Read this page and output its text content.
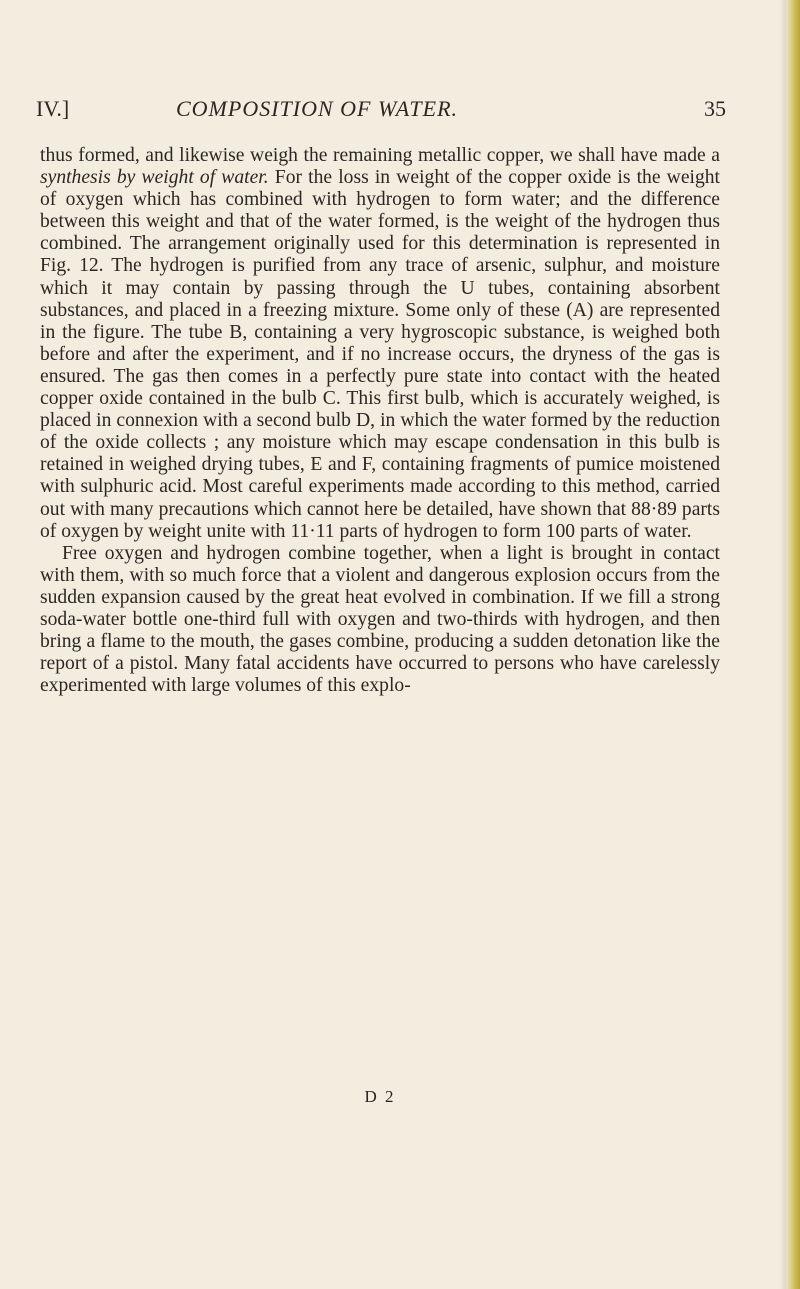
IV.]	COMPOSITION OF WATER.	35

thus formed, and likewise weigh the remaining metallic copper, we shall have made a synthesis by weight of water. For the loss in weight of the copper oxide is the weight of oxygen which has combined with hydrogen to form water; and the difference between this weight and that of the water formed, is the weight of the hydrogen thus combined. The arrangement originally used for this determination is represented in Fig. 12. The hydrogen is purified from any trace of arsenic, sulphur, and moisture which it may contain by passing through the U tubes, containing absorbent substances, and placed in a freezing mixture. Some only of these (A) are represented in the figure. The tube B, containing a very hygroscopic substance, is weighed both before and after the experiment, and if no increase occurs, the dryness of the gas is ensured. The gas then comes in a perfectly pure state into contact with the heated copper oxide contained in the bulb C. This first bulb, which is accurately weighed, is placed in connexion with a second bulb D, in which the water formed by the reduction of the oxide collects ; any moisture which may escape condensation in this bulb is retained in weighed drying tubes, E and F, containing fragments of pumice moistened with sulphuric acid. Most careful experiments made according to this method, carried out with many precautions which cannot here be detailed, have shown that 88·89 parts of oxygen by weight unite with 11·11 parts of hydrogen to form 100 parts of water.

Free oxygen and hydrogen combine together, when a light is brought in contact with them, with so much force that a violent and dangerous explosion occurs from the sudden expansion caused by the great heat evolved in combination. If we fill a strong soda-water bottle one-third full with oxygen and two-thirds with hydrogen, and then bring a flame to the mouth, the gases combine, producing a sudden detonation like the report of a pistol. Many fatal accidents have occurred to persons who have carelessly experimented with large volumes of this explo-

D 2
